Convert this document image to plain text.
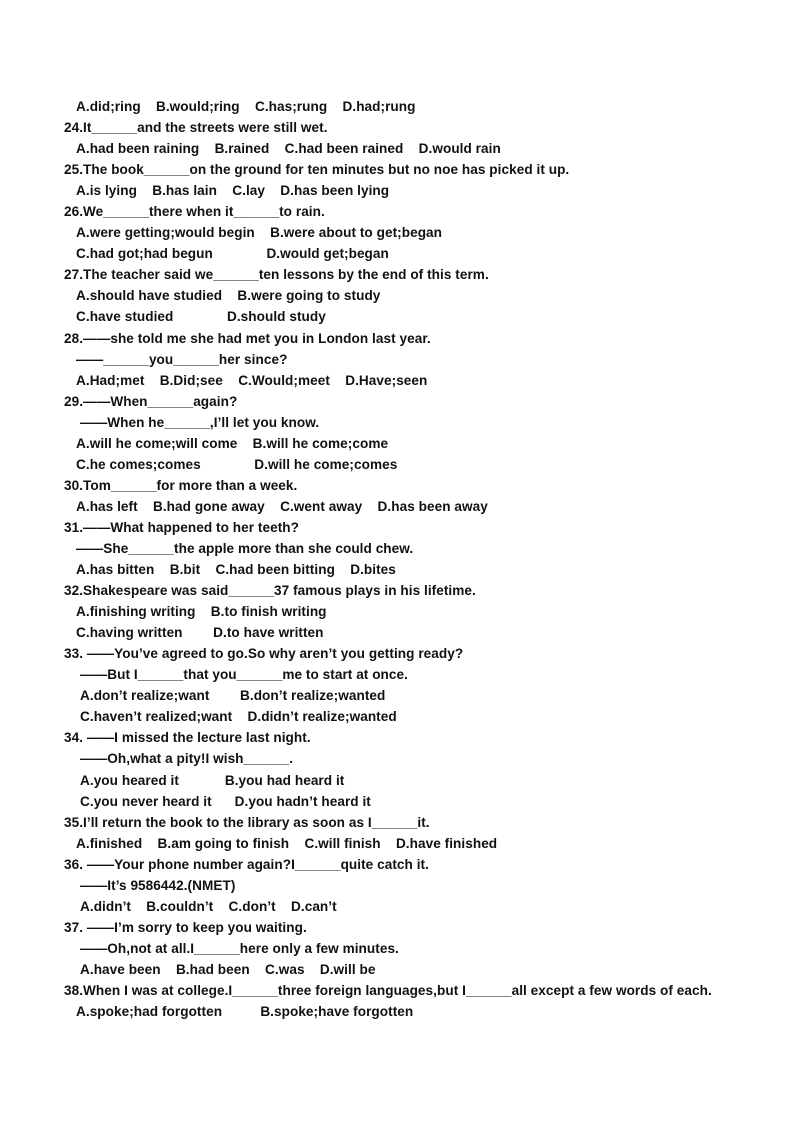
A.did;ring    B.would;ring    C.has;rung    D.had;rung
24.It______and the streets were still wet.
A.had been raining    B.rained    C.had been rained    D.would rain
25.The book______on the ground for ten minutes but no noe has picked it up.
A.is lying    B.has lain    C.lay    D.has been lying
26.We______there when it______to rain.
A.were getting;would begin    B.were about to get;began
C.had got;had begun              D.would get;began
27.The teacher said we______ten lessons by the end of this term.
A.should have studied    B.were going to study
C.have studied              D.should study
28.——she told me she had met you in London last year.
——______you______her since?
A.Had;met    B.Did;see    C.Would;meet    D.Have;seen
29.——When______again?
——When he______,I’ll let you know.
A.will he come;will come    B.will he come;come
C.he comes;comes              D.will he come;comes
30.Tom______for more than a week.
A.has left    B.had gone away    C.went away    D.has been away
31.——What happened to her teeth?
——She______the apple more than she could chew.
A.has bitten    B.bit    C.had been bitting    D.bites
32.Shakespeare was said______37 famous plays in his lifetime.
A.finishing writing    B.to finish writing
C.having written        D.to have written
33. ——You’ve agreed to go.So why aren’t you getting ready?
——But I______that you______me to start at once.
A.don’t realize;want        B.don’t realize;wanted
C.haven’t realized;want    D.didn’t realize;wanted
34. ——I missed the lecture last night.
——Oh,what a pity!I wish______.
A.you heared it            B.you had heard it
C.you never heard it      D.you hadn’t heard it
35.I’ll return the book to the library as soon as I______it.
A.finished    B.am going to finish    C.will finish    D.have finished
36. ——Your phone number again?I______quite catch it.
——It’s 9586442.(NMET)
A.didn’t    B.couldn’t    C.don’t    D.can’t
37. ——I’m sorry to keep you waiting.
——Oh,not at all.I______here only a few minutes.
A.have been    B.had been    C.was    D.will be
38.When I was at college.I______three foreign languages,but I______all except a few words of each.
A.spoke;had forgotten          B.spoke;have forgotten
